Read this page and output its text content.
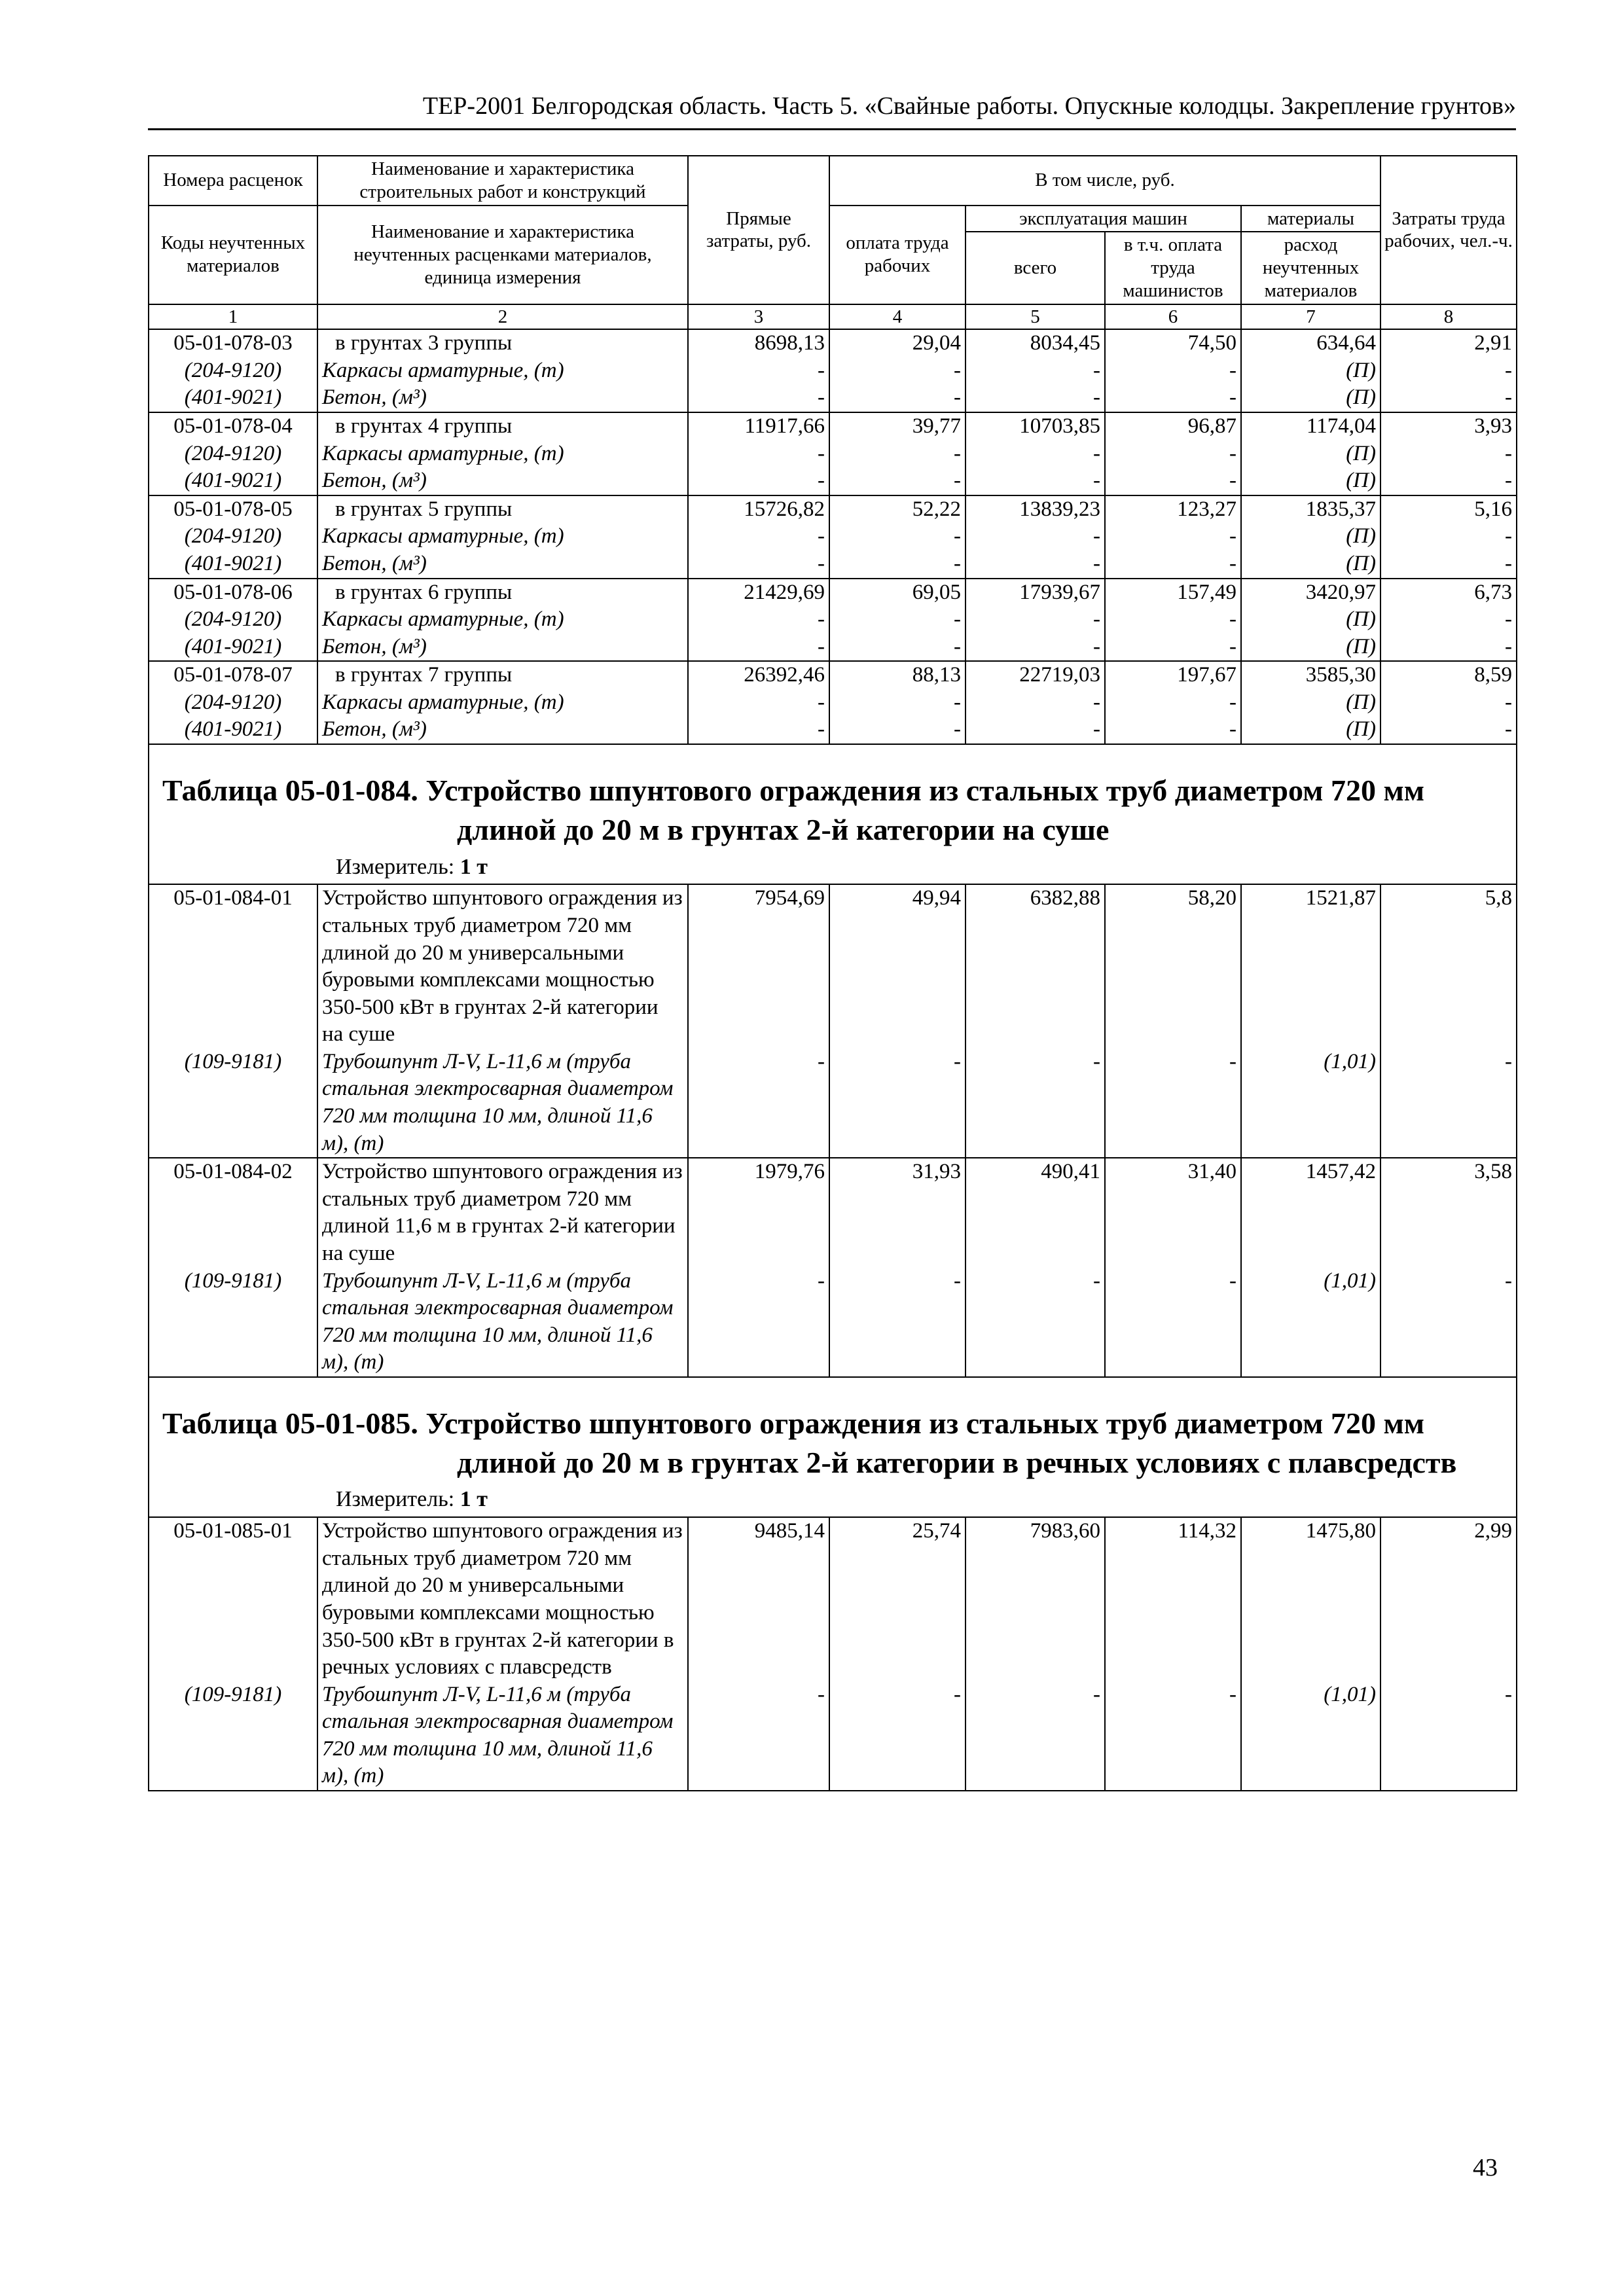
ТЕР-2001 Белгородская область. Часть 5. «Свайные работы. Опускные колодцы. Закрепление грунтов»
Номера расценок	Наименование и характеристика строительных работ и конструкций	Прямые затраты, руб.	В том числе, руб.				Затраты труда рабочих, чел.-ч.
Коды неучтенных материалов	Наименование и характеристика неучтенных расценками материалов, единица измерения		оплата труда рабочих	эксплуатация машин		материалы	
				всего	в т.ч. оплата труда машинистов	расход неучтенных материалов	
1	2	3	4	5	6	7	8
05-01-078-03	в грунтах 3 группы	8698,13	29,04	8034,45	74,50	634,64	2,91
(204-9120)	Каркасы арматурные, (т)	-	-	-	-	(П)	-
(401-9021)	Бетон, (м³)	-	-	-	-	(П)	-
05-01-078-04	в грунтах 4 группы	11917,66	39,77	10703,85	96,87	1174,04	3,93
(204-9120)	Каркасы арматурные, (т)	-	-	-	-	(П)	-
(401-9021)	Бетон, (м³)	-	-	-	-	(П)	-
05-01-078-05	в грунтах 5 группы	15726,82	52,22	13839,23	123,27	1835,37	5,16
(204-9120)	Каркасы арматурные, (т)	-	-	-	-	(П)	-
(401-9021)	Бетон, (м³)	-	-	-	-	(П)	-
05-01-078-06	в грунтах 6 группы	21429,69	69,05	17939,67	157,49	3420,97	6,73
(204-9120)	Каркасы арматурные, (т)	-	-	-	-	(П)	-
(401-9021)	Бетон, (м³)	-	-	-	-	(П)	-
05-01-078-07	в грунтах 7 группы	26392,46	88,13	22719,03	197,67	3585,30	8,59
(204-9120)	Каркасы арматурные, (т)	-	-	-	-	(П)	-
(401-9021)	Бетон, (м³)	-	-	-	-	(П)	-

Таблица 05-01-084. Устройство шпунтового ограждения из стальных труб диаметром 720 мм длиной до 20 м в грунтах 2-й категории на суше							

Измеритель: 1 т							
05-01-084-01	Устройство шпунтового ограждения из стальных труб диаметром 720 мм длиной до 20 м универсальными буровыми комплексами мощностью 350-500 кВт в грунтах 2-й категории на суше	7954,69	49,94	6382,88	58,20	1521,87	5,8
(109-9181)	Трубошпунт Л-V, L-11,6 м (труба стальная электросварная диаметром 720 мм толщина 10 мм, длиной 11,6 м), (т)	-	-	-	-	(1,01)	-
05-01-084-02	Устройство шпунтового ограждения из стальных труб диаметром 720 мм длиной 11,6 м в грунтах 2-й категории на суше	1979,76	31,93	490,41	31,40	1457,42	3,58
(109-9181)	Трубошпунт Л-V, L-11,6 м (труба стальная электросварная диаметром 720 мм толщина 10 мм, длиной 11,6 м), (т)	-	-	-	-	(1,01)	-

Таблица 05-01-085. Устройство шпунтового ограждения из стальных труб диаметром 720 мм длиной до 20 м в грунтах 2-й категории в речных условиях с плавсредств							

Измеритель: 1 т							
05-01-085-01	Устройство шпунтового ограждения из стальных труб диаметром 720 мм длиной до 20 м универсальными буровыми комплексами мощностью 350-500 кВт в грунтах 2-й категории в речных условиях с плавсредств	9485,14	25,74	7983,60	114,32	1475,80	2,99
(109-9181)	Трубошпунт Л-V, L-11,6 м (труба стальная электросварная диаметром 720 мм толщина 10 мм, длиной 11,6 м), (т)	-	-	-	-	(1,01)	-
43
